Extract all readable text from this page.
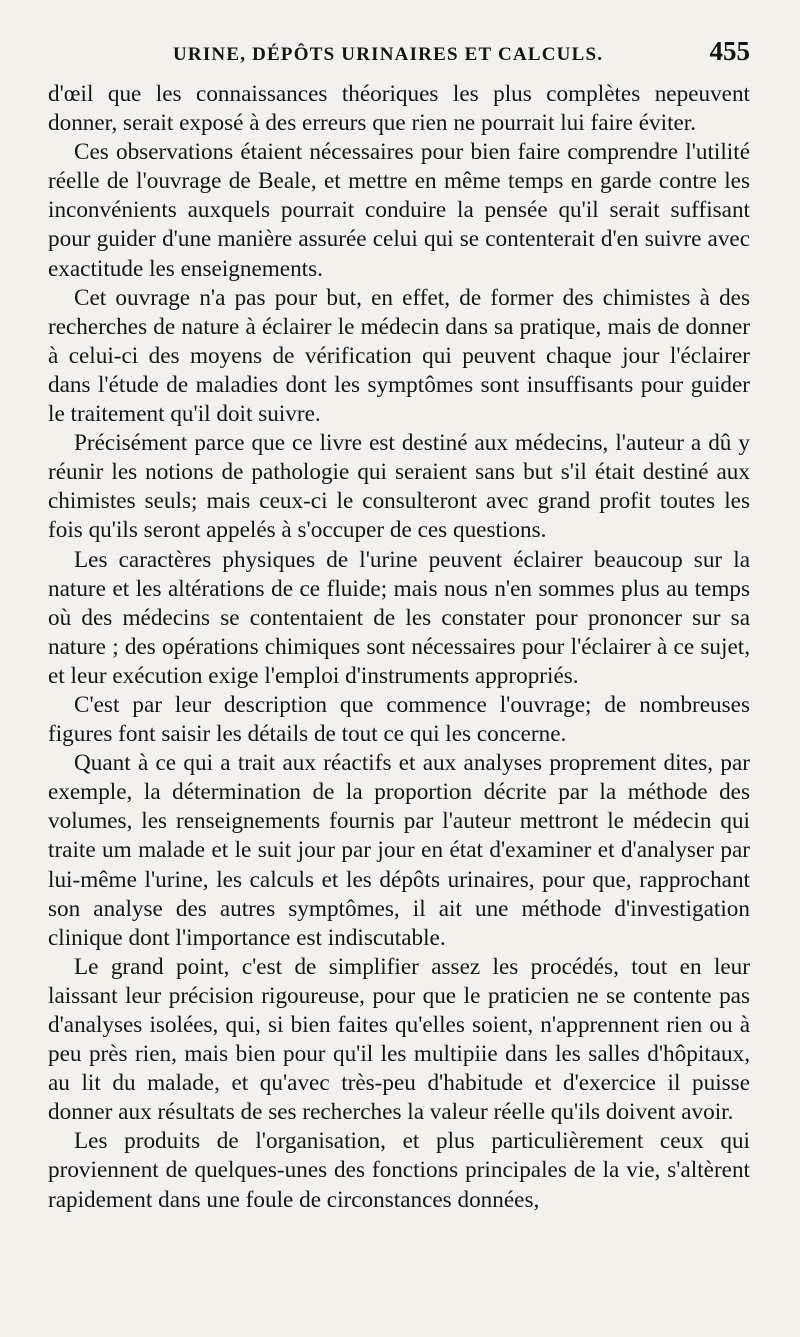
URINE, DÉPÔTS URINAIRES ET CALCULS.	455

d'œil que les connaissances théoriques les plus complètes nepeuvent donner, serait exposé à des erreurs que rien ne pourrait lui faire éviter.

Ces observations étaient nécessaires pour bien faire comprendre l'utilité réelle de l'ouvrage de Beale, et mettre en même temps en garde contre les inconvénients auxquels pourrait conduire la pensée qu'il serait suffisant pour guider d'une manière assurée celui qui se contenterait d'en suivre avec exactitude les enseignements.

Cet ouvrage n'a pas pour but, en effet, de former des chimistes à des recherches de nature à éclairer le médecin dans sa pratique, mais de donner à celui-ci des moyens de vérification qui peuvent chaque jour l'éclairer dans l'étude de maladies dont les symptômes sont insuffisants pour guider le traitement qu'il doit suivre.

Précisément parce que ce livre est destiné aux médecins, l'auteur a dû y réunir les notions de pathologie qui seraient sans but s'il était destiné aux chimistes seuls; mais ceux-ci le consulteront avec grand profit toutes les fois qu'ils seront appelés à s'occuper de ces questions.

Les caractères physiques de l'urine peuvent éclairer beaucoup sur la nature et les altérations de ce fluide; mais nous n'en sommes plus au temps où des médecins se contentaient de les constater pour prononcer sur sa nature ; des opérations chimiques sont nécessaires pour l'éclairer à ce sujet, et leur exécution exige l'emploi d'instruments appropriés.

C'est par leur description que commence l'ouvrage; de nombreuses figures font saisir les détails de tout ce qui les concerne.

Quant à ce qui a trait aux réactifs et aux analyses proprement dites, par exemple, la détermination de la proportion décrite par la méthode des volumes, les renseignements fournis par l'auteur mettront le médecin qui traite um malade et le suit jour par jour en état d'examiner et d'analyser par lui-même l'urine, les calculs et les dépôts urinaires, pour que, rapprochant son analyse des autres symptômes, il ait une méthode d'investigation clinique dont l'importance est indiscutable.

Le grand point, c'est de simplifier assez les procédés, tout en leur laissant leur précision rigoureuse, pour que le praticien ne se contente pas d'analyses isolées, qui, si bien faites qu'elles soient, n'apprennent rien ou à peu près rien, mais bien pour qu'il les multipiie dans les salles d'hôpitaux, au lit du malade, et qu'avec très-peu d'habitude et d'exercice il puisse donner aux résultats de ses recherches la valeur réelle qu'ils doivent avoir.

Les produits de l'organisation, et plus particulièrement ceux qui proviennent de quelques-unes des fonctions principales de la vie, s'altèrent rapidement dans une foule de circonstances données,
